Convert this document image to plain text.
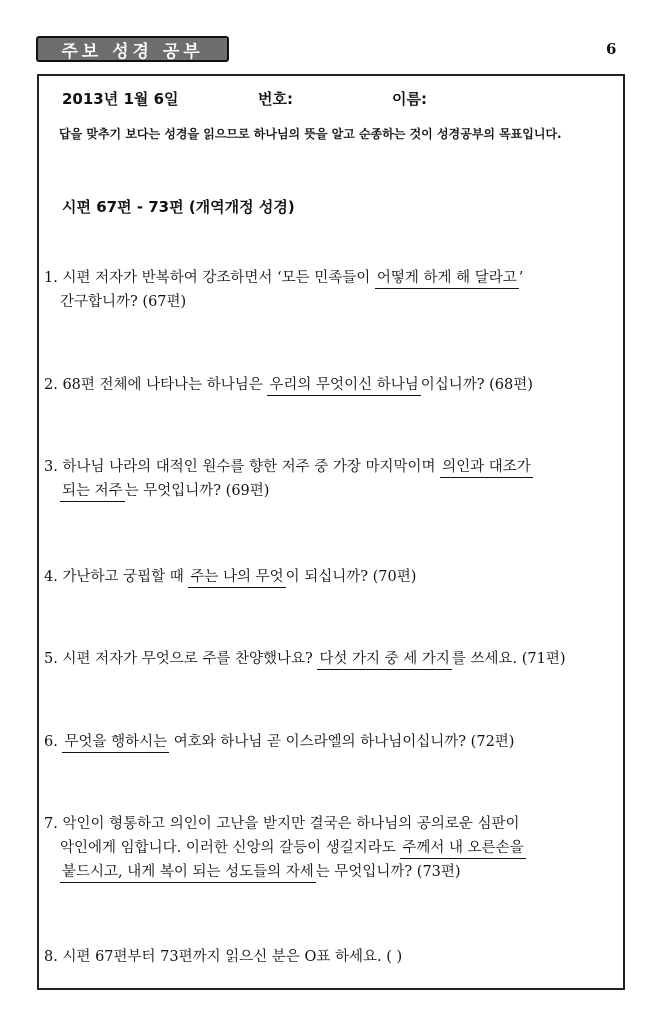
주보 성경 공부	6
2013년 1월 6일	번호:	이름:
답을 맞추기 보다는 성경을 읽으므로 하나님의 뜻을 알고 순종하는 것이 성경공부의 목표입니다.
시편 67편 - 73편 (개역개정 성경)
1. 시편 저자가 반복하여 강조하면서 ‘모든 민족들이 어떻게 하게 해 달라고 ’
간구합니까? (67편)
2. 68편 전체에 나타나는 하나님은 우리의 무엇이신 하나님 이십니까? (68편)
3. 하나님 나라의 대적인 원수를 향한 저주 중 가장 마지막이며 의인과 대조가
되는 저주 는 무엇입니까? (69편)
4. 가난하고 궁핍할 때 주는 나의 무엇 이 되십니까? (70편)
5. 시편 저자가 무엇으로 주를 찬양했나요? 다섯 가지 중 세 가지 를 쓰세요. (71편)
6. 무엇을 행하시는 여호와 하나님 곧 이스라엘의 하나님이십니까? (72편)
7. 악인이 형통하고 의인이 고난을 받지만 결국은 하나님의 공의로운 심판이
악인에게 임합니다. 이러한 신앙의 갈등이 생길지라도 주께서 내 오른손을
붙드시고, 내게 복이 되는 성도들의 자세 는 무엇입니까? (73편)
8. 시편 67편부터 73편까지 읽으신 분은 O표 하세요. ( )
